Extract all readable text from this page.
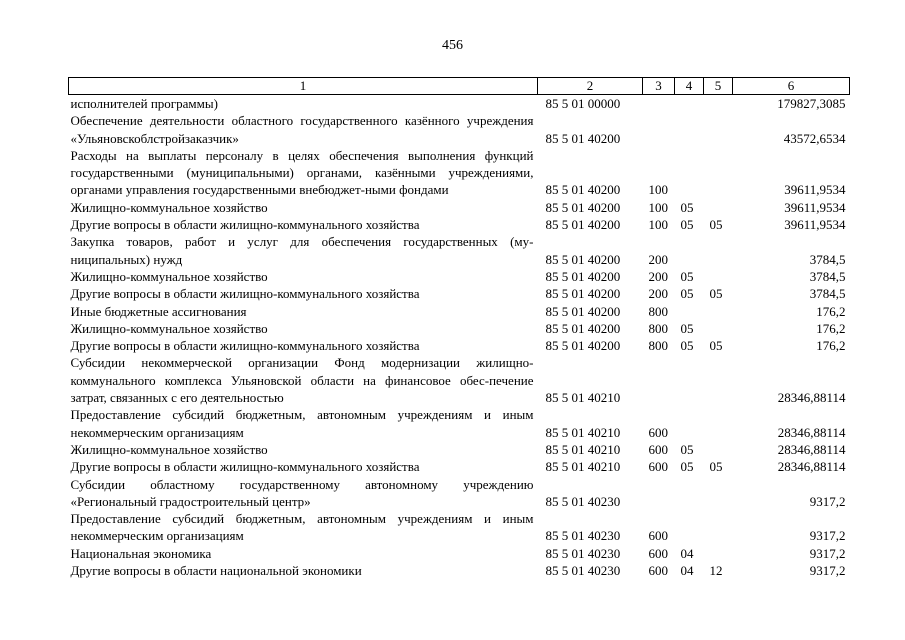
456
1	2	3	4	5	6
исполнителей программы)	85 5 01 00000				179827,3085
Обеспечение деятельности областного государственного казённого учреждения «Ульяновскоблстройзаказчик»	85 5 01 40200				43572,6534
Расходы на выплаты персоналу в целях обеспечения выполнения функций государственными (муниципальными) органами, казёнными учреждениями, органами управления государственными внебюджет-ными фондами	85 5 01 40200	100			39611,9534
Жилищно-коммунальное хозяйство	85 5 01 40200	100	05		39611,9534
Другие вопросы в области жилищно-коммунального хозяйства	85 5 01 40200	100	05	05	39611,9534
Закупка товаров, работ и услуг для обеспечения государственных (му-ниципальных) нужд	85 5 01 40200	200			3784,5
Жилищно-коммунальное хозяйство	85 5 01 40200	200	05		3784,5
Другие вопросы в области жилищно-коммунального хозяйства	85 5 01 40200	200	05	05	3784,5
Иные бюджетные ассигнования	85 5 01 40200	800			176,2
Жилищно-коммунальное хозяйство	85 5 01 40200	800	05		176,2
Другие вопросы в области жилищно-коммунального хозяйства	85 5 01 40200	800	05	05	176,2
Субсидии некоммерческой организации Фонд модернизации жилищно-коммунального комплекса Ульяновской области на финансовое обес-печение затрат, связанных с его деятельностью	85 5 01 40210				28346,88114
Предоставление субсидий бюджетным, автономным учреждениям и иным некоммерческим организациям	85 5 01 40210	600			28346,88114
Жилищно-коммунальное хозяйство	85 5 01 40210	600	05		28346,88114
Другие вопросы в области жилищно-коммунального хозяйства	85 5 01 40210	600	05	05	28346,88114
Субсидии областному государственному автономному учреждению «Региональный градостроительный центр»	85 5 01 40230				9317,2
Предоставление субсидий бюджетным, автономным учреждениям и иным некоммерческим организациям	85 5 01 40230	600			9317,2
Национальная экономика	85 5 01 40230	600	04		9317,2
Другие вопросы в области национальной экономики	85 5 01 40230	600	04	12	9317,2
